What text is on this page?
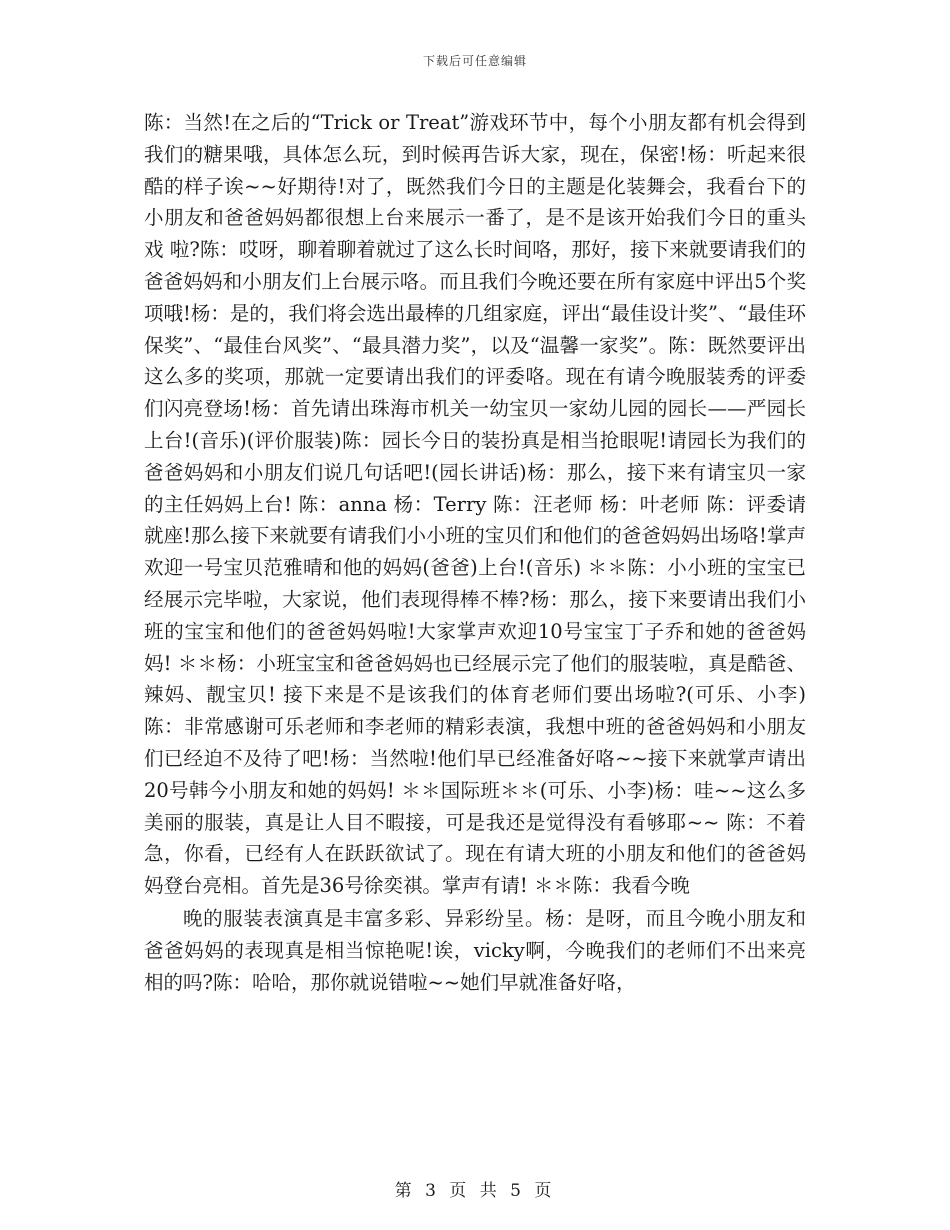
下载后可任意编辑

陈：当然!在之后的“Trick or Treat”游戏环节中，每个小朋友都有机会得到我们的糖果哦，具体怎么玩，到时候再告诉大家，现在，保密!杨：听起来很酷的样子诶~~好期待!对了，既然我们今日的主题是化装舞会，我看台下的小朋友和爸爸妈妈都很想上台来展示一番了，是不是该开始我们今日的重头戏 啦?陈：哎呀，聊着聊着就过了这么长时间咯，那好，接下来就要请我们的爸爸妈妈和小朋友们上台展示咯。而且我们今晚还要在所有家庭中评出5个奖项哦!杨：是的，我们将会选出最棒的几组家庭，评出“最佳设计奖”、“最佳环保奖”、“最佳台风奖”、“最具潜力奖”，以及“温馨一家奖”。陈：既然要评出这么多的奖项，那就一定要请出我们的评委咯。现在有请今晚服装秀的评委们闪亮登场!杨：首先请出珠海市机关一幼宝贝一家幼儿园的园长——严园长上台!(音乐)(评价服装)陈：园长今日的装扮真是相当抢眼呢!请园长为我们的爸爸妈妈和小朋友们说几句话吧!(园长讲话)杨：那么，接下来有请宝贝一家的主任妈妈上台! 陈：anna 杨：Terry 陈：汪老师 杨：叶老师 陈：评委请就座!那么接下来就要有请我们小小班的宝贝们和他们的爸爸妈妈出场咯!掌声欢迎一号宝贝范雅晴和他的妈妈(爸爸)上台!(音乐) ＊＊陈：小小班的宝宝已经展示完毕啦，大家说，他们表现得棒不棒?杨：那么，接下来要请出我们小班的宝宝和他们的爸爸妈妈啦!大家掌声欢迎10号宝宝丁子乔和她的爸爸妈妈! ＊＊杨：小班宝宝和爸爸妈妈也已经展示完了他们的服装啦，真是酷爸、辣妈、靓宝贝! 接下来是不是该我们的体育老师们要出场啦?(可乐、小李)陈：非常感谢可乐老师和李老师的精彩表演，我想中班的爸爸妈妈和小朋友们已经迫不及待了吧!杨：当然啦!他们早已经准备好咯~~接下来就掌声请出20号韩今小朋友和她的妈妈! ＊＊国际班＊＊(可乐、小李)杨：哇~~这么多美丽的服装，真是让人目不暇接，可是我还是觉得没有看够耶~~ 陈：不着急，你看，已经有人在跃跃欲试了。现在有请大班的小朋友和他们的爸爸妈妈登台亮相。首先是36号徐奕祺。掌声有请! ＊＊陈：我看今晚

晚的服装表演真是丰富多彩、异彩纷呈。杨：是呀，而且今晚小朋友和爸爸妈妈的表现真是相当惊艳呢!诶，vicky啊，今晚我们的老师们不出来亮相的吗?陈：哈哈，那你就说错啦~~她们早就准备好咯，

第 3 页 共 5 页
